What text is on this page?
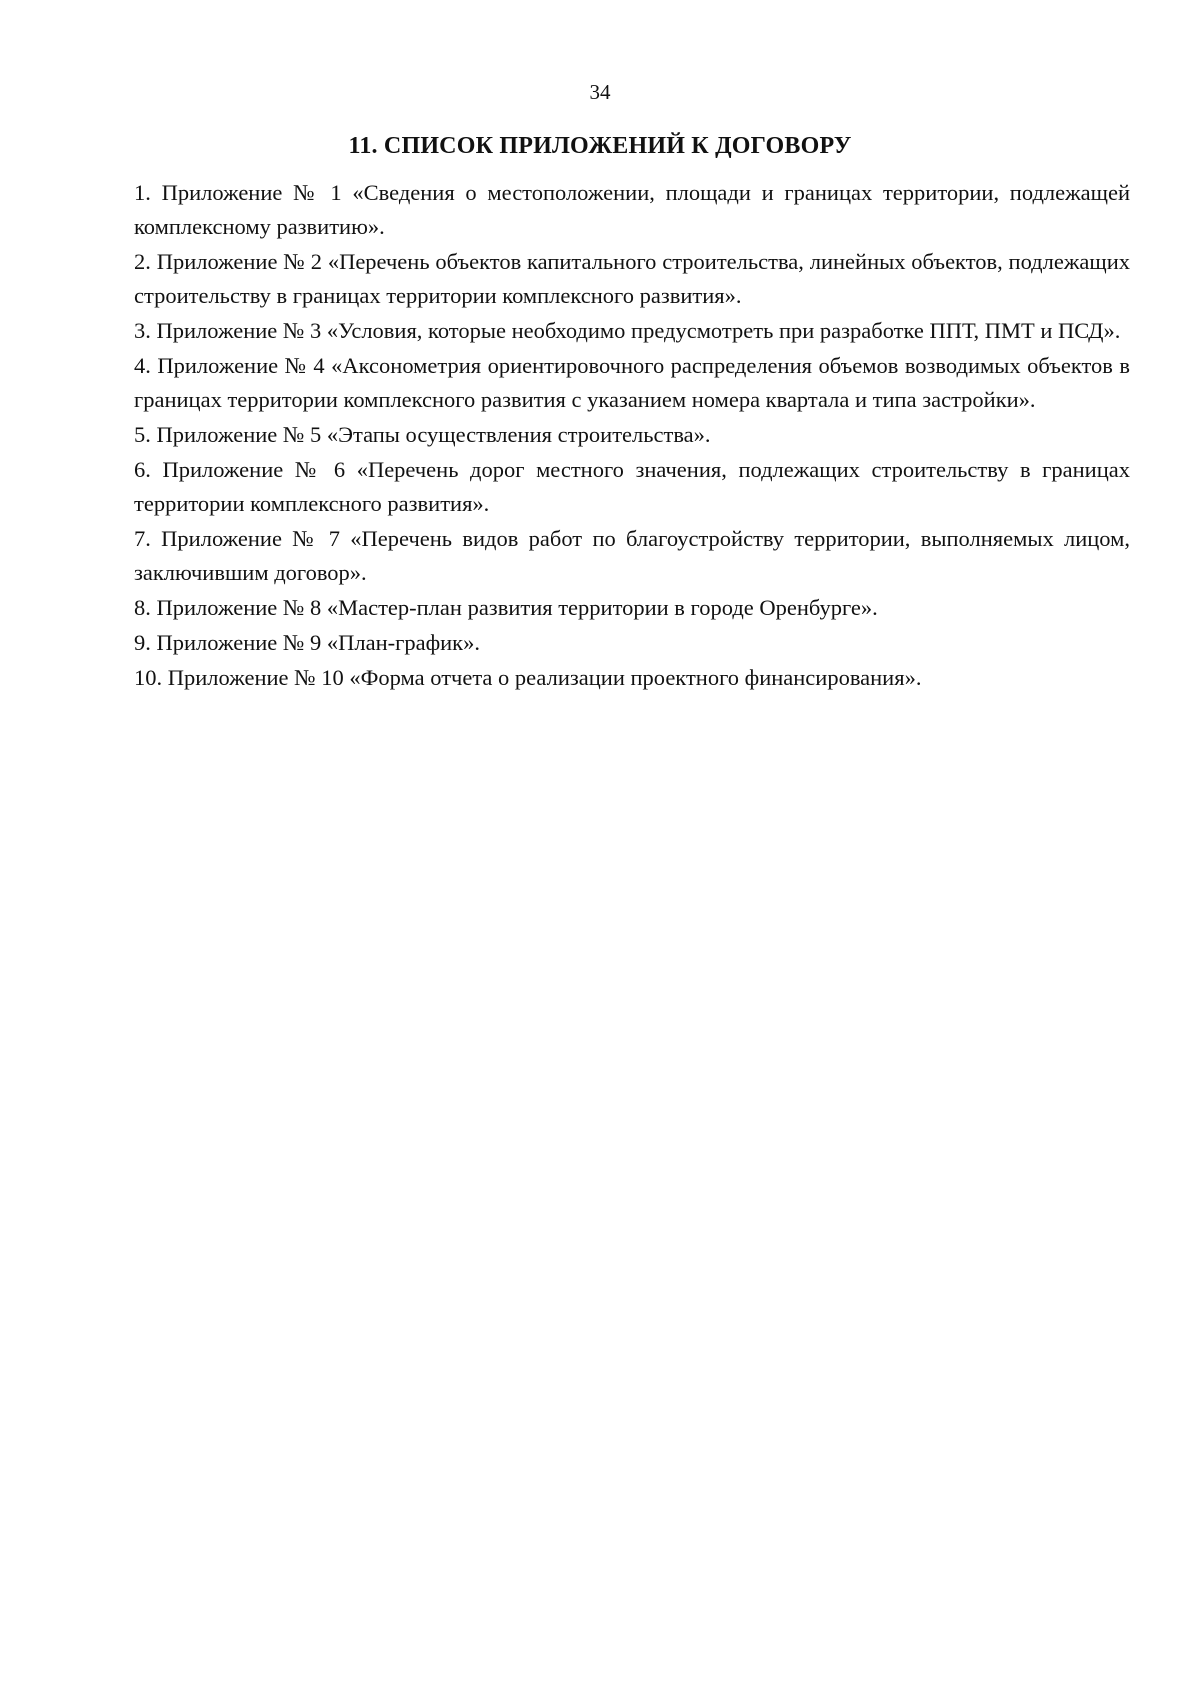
34
11. СПИСОК ПРИЛОЖЕНИЙ К ДОГОВОРУ
1. Приложение № 1 «Сведения о местоположении, площади и границах территории, подлежащей комплексному развитию».
2. Приложение № 2 «Перечень объектов капитального строительства, линейных объектов, подлежащих строительству в границах территории комплексного развития».
3. Приложение № 3 «Условия, которые необходимо предусмотреть при разработке ППТ, ПМТ и ПСД».
4. Приложение № 4 «Аксонометрия ориентировочного распределения объемов возводимых объектов в границах территории комплексного развития с указанием номера квартала и типа застройки».
5. Приложение № 5 «Этапы осуществления строительства».
6. Приложение № 6 «Перечень дорог местного значения, подлежащих строительству в границах территории комплексного развития».
7. Приложение № 7 «Перечень видов работ по благоустройству территории, выполняемых лицом, заключившим договор».
8. Приложение № 8 «Мастер-план развития территории в городе Оренбурге».
9. Приложение № 9 «План-график».
10. Приложение № 10 «Форма отчета о реализации проектного финансирования».
